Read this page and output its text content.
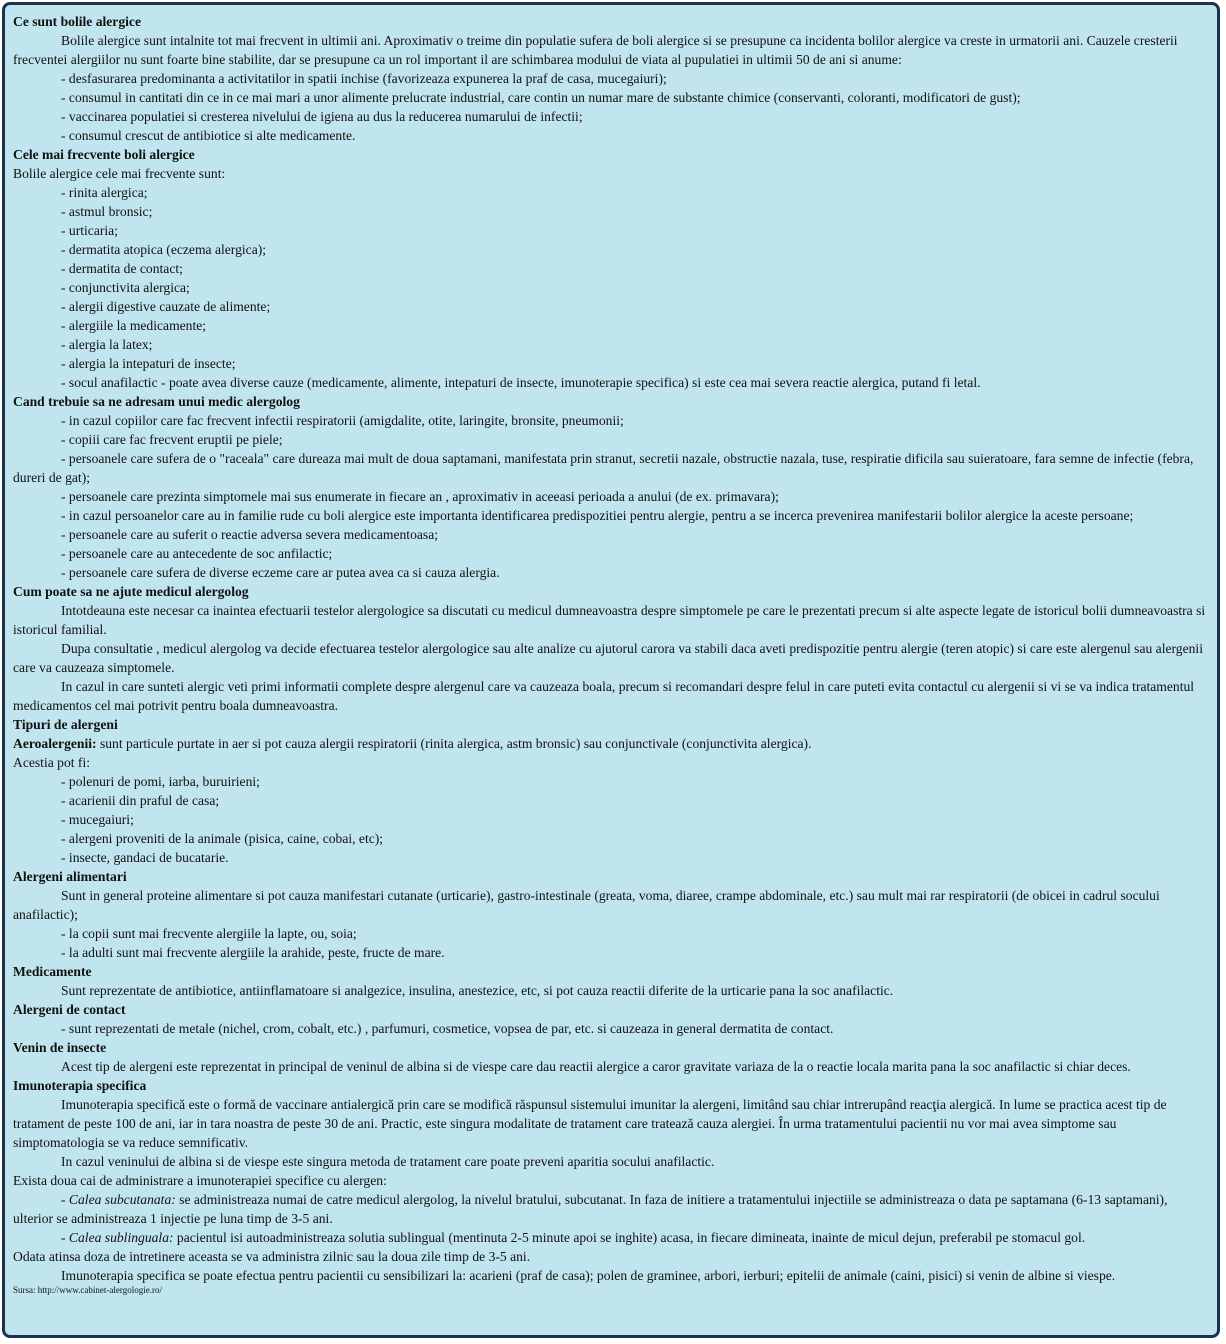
Ce sunt bolile alergice

Bolile alergice sunt intalnite tot mai frecvent in ultimii ani. Aproximativ o treime din populatie sufera de boli alergice si se presupune ca incidenta bolilor alergice va creste in urmatorii ani. Cauzele cresterii frecventei alergiilor nu sunt foarte bine stabilite, dar se presupune ca un rol important il are schimbarea modului de viata al pupulatiei in ultimii 50 de ani si anume:

- desfasurarea predominanta a activitatilor in spatii inchise (favorizeaza expunerea la praf de casa, mucegaiuri);
- consumul in cantitati din ce in ce mai mari a unor alimente prelucrate industrial, care contin un numar mare de substante chimice (conservanti, coloranti, modificatori de gust);
- vaccinarea populatiei si cresterea nivelului de igiena au dus la reducerea numarului de infectii;
- consumul crescut de antibiotice si alte medicamente.
Cele mai frecvente boli alergice
Bolile alergice cele mai frecvente sunt:
- rinita alergica;
- astmul bronsic;
- urticaria;
- dermatita atopica (eczema alergica);
- dermatita de contact;
- conjunctivita alergica;
- alergii digestive cauzate de alimente;
- alergiile la medicamente;
- alergia la latex;
- alergia la intepaturi de insecte;
- socul anafilactic - poate avea diverse cauze (medicamente, alimente, intepaturi de insecte, imunoterapie specifica) si este cea mai severa reactie alergica, putand fi letal.
Cand trebuie sa ne adresam unui medic alergolog
- in cazul copiilor care fac frecvent infectii respiratorii (amigdalite, otite, laringite, bronsite, pneumonii;
- copiii care fac frecvent eruptii pe piele;
- persoanele care sufera de o "raceala" care dureaza mai mult de doua saptamani, manifestata prin stranut, secretii nazale, obstructie nazala, tuse, respiratie dificila sau suieratoare, fara semne de infectie (febra, dureri de gat);
- persoanele care prezinta simptomele mai sus enumerate in fiecare an , aproximativ in aceeasi perioada a anului (de ex. primavara);
- in cazul persoanelor care au in familie rude cu boli alergice este importanta identificarea predispozitiei pentru alergie, pentru a se incerca prevenirea manifestarii bolilor alergice la aceste persoane;
- persoanele care au suferit o reactie adversa severa medicamentoasa;
- persoanele care au antecedente de soc anfilactic;
- persoanele care sufera de diverse eczeme care ar putea avea ca si cauza alergia.
Cum poate sa ne ajute medicul alergolog

Intotdeauna este necesar ca inaintea efectuarii testelor alergologice sa discutati cu medicul dumneavoastra despre simptomele pe care le prezentati precum si alte aspecte legate de istoricul bolii dumneavoastra si istoricul familial.

Dupa consultatie , medicul alergolog va decide efectuarea testelor alergologice sau alte analize cu ajutorul carora va stabili daca aveti predispozitie pentru alergie (teren atopic) si care este alergenul sau alergenii care va cauzeaza simptomele.

In cazul in care sunteti alergic veti primi informatii complete despre alergenul care va cauzeaza boala, precum si recomandari despre felul in care puteti evita contactul cu alergenii si vi se va indica tratamentul medicamentos cel mai potrivit pentru boala dumneavoastra.

Tipuri de alergeni
Aeroalergenii: sunt particule purtate in aer si pot cauza alergii respiratorii (rinita alergica, astm bronsic) sau conjunctivale (conjunctivita alergica).
Acestia pot fi:
- polenuri de pomi, iarba, buruirieni;
- acarienii din praful de casa;
- mucegaiuri;
- alergeni proveniti de la animale (pisica, caine, cobai, etc);
- insecte, gandaci de bucatarie.
Alergeni alimentari

Sunt in general proteine alimentare si pot cauza manifestari cutanate (urticarie), gastro-intestinale (greata, voma, diaree, crampe abdominale, etc.) sau mult mai rar respiratorii (de obicei in cadrul socului anafilactic);

- la copii sunt mai frecvente alergiile la lapte, ou, soia;
- la adulti sunt mai frecvente alergiile la arahide, peste, fructe de mare.
Medicamente

Sunt reprezentate de antibiotice, antiinflamatoare si analgezice, insulina, anestezice, etc, si pot cauza reactii diferite de la urticarie pana la soc anafilactic.

Alergeni de contact
- sunt reprezentati de metale (nichel, crom, cobalt, etc.) , parfumuri, cosmetice, vopsea de par, etc. si cauzeaza in general dermatita de contact.
Venin de insecte

Acest tip de alergeni este reprezentat in principal de veninul de albina si de viespe care dau reactii alergice a caror gravitate variaza de la o reactie locala marita pana la soc anafilactic si chiar deces.

Imunoterapia specifica

Imunoterapia specifică este o formă de vaccinare antialergică prin care se modifică răspunsul sistemului imunitar la alergeni, limitând sau chiar intrerupând reacţia alergică. In lume se practica acest tip de tratament de peste 100 de ani, iar in tara noastra de peste 30 de ani. Practic, este singura modalitate de tratament care tratează cauza alergiei. În urma tratamentului pacientii nu vor mai avea simptome sau simptomatologia se va reduce semnificativ.

In cazul veninului de albina si de viespe este singura metoda de tratament care poate preveni aparitia socului anafilactic.

Exista doua cai de administrare a imunoterapiei specifice cu alergen:

- Calea subcutanata: se administreaza numai de catre medicul alergolog, la nivelul bratului, subcutanat. In faza de initiere a tratamentului injectiile se administreaza o data pe saptamana (6-13 saptamani), ulterior se administreaza 1 injectie pe luna timp de 3-5 ani.

- Calea sublinguala: pacientul isi autoadministreaza solutia sublingual (mentinuta 2-5 minute apoi se inghite) acasa, in fiecare dimineata, inainte de micul dejun, preferabil pe stomacul gol.

Odata atinsa doza de intretinere aceasta se va administra zilnic sau la doua zile timp de 3-5 ani.

Imunoterapia specifica se poate efectua pentru pacientii cu sensibilizari la: acarieni (praf de casa); polen de graminee, arbori, ierburi; epitelii de animale (caini, pisici) si venin de albine si viespe.

Sursa: http://www.cabinet-alergologie.ro/
